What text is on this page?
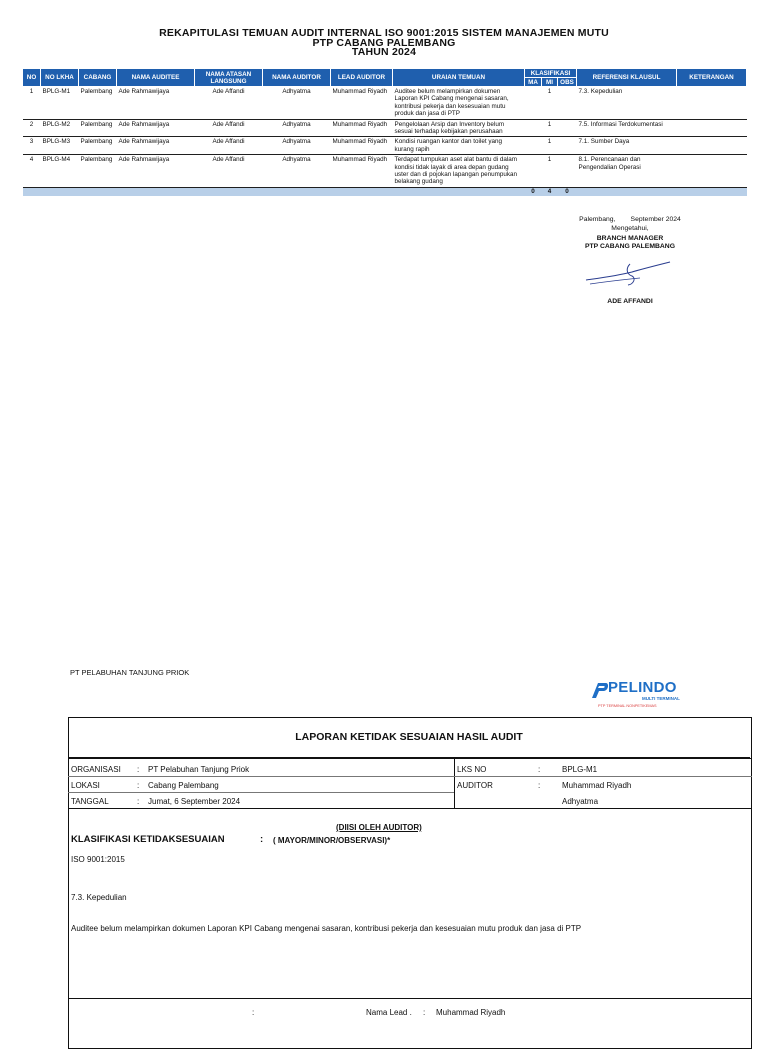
REKAPITULASI TEMUAN AUDIT INTERNAL ISO 9001:2015 SISTEM MANAJEMEN MUTU
PTP CABANG PALEMBANG
TAHUN 2024
NO	NO LKHA	CABANG	NAMA AUDITEE	NAMA ATASAN LANGSUNG	NAMA AUDITOR	LEAD AUDITOR	URAIAN TEMUAN	KLASIFIKASI			REFERENSI KLAUSUL	KETERANGAN
								MA	MI	OBS		
1	BPLG-M1	Palembang	Ade Rahmawijaya	Ade Affandi	Adhyatma	Muhammad Riyadh	Auditee belum melampirkan dokumen Laporan KPI Cabang mengenai sasaran, kontribusi pekerja dan kesesuaian mutu produk dan jasa di PTP		1		7.3. Kepedulian	
2	BPLG-M2	Palembang	Ade Rahmawijaya	Ade Affandi	Adhyatma	Muhammad Riyadh	Pengelolaan Arsip dan Inventory belum sesuai terhadap kebijakan perusahaan		1		7.5. Informasi Terdokumentasi	
3	BPLG-M3	Palembang	Ade Rahmawijaya	Ade Affandi	Adhyatma	Muhammad Riyadh	Kondisi ruangan kantor dan toilet yang kurang rapih		1		7.1. Sumber Daya	
4	BPLG-M4	Palembang	Ade Rahmawijaya	Ade Affandi	Adhyatma	Muhammad Riyadh	Terdapat tumpukan aset alat bantu di dalam kondisi tidak layak di area depan gudang uster dan di pojokan lapangan penumpukan belakang gudang		1		8.1. Perencanaan dan Pengendalian Operasi	
								0	4	0		
Palembang,        September 2024
Mengetahui,
BRANCH MANAGER
PTP CABANG PALEMBANG
ADE AFFANDI
PT PELABUHAN TANJUNG PRIOK
PELINDO
MULTI TERMINAL
PTP TERMINAL NONPETIKEMAS
LAPORAN KETIDAK SESUAIAN HASIL AUDIT
ORGANISASI : PT Pelabuhan Tanjung Priok
LOKASI	: Cabang Palembang
TANGGAL	: Jumat, 6 September 2024
LKS NO	:	BPLG-M1
AUDITOR	:	Muhammad Riyadh
Adhyatma
(DIISI OLEH AUDITOR)
KLASIFIKASI KETIDAKSESUAIAN	: ( MAYOR/MINOR/OBSERVASI)*
ISO 9001:2015
7.3. Kepedulian
Auditee belum melampirkan dokumen Laporan KPI Cabang mengenai sasaran, kontribusi pekerja dan kesesuaian mutu produk dan jasa di PTP
:	Nama Lead . : Muhammad Riyadh
